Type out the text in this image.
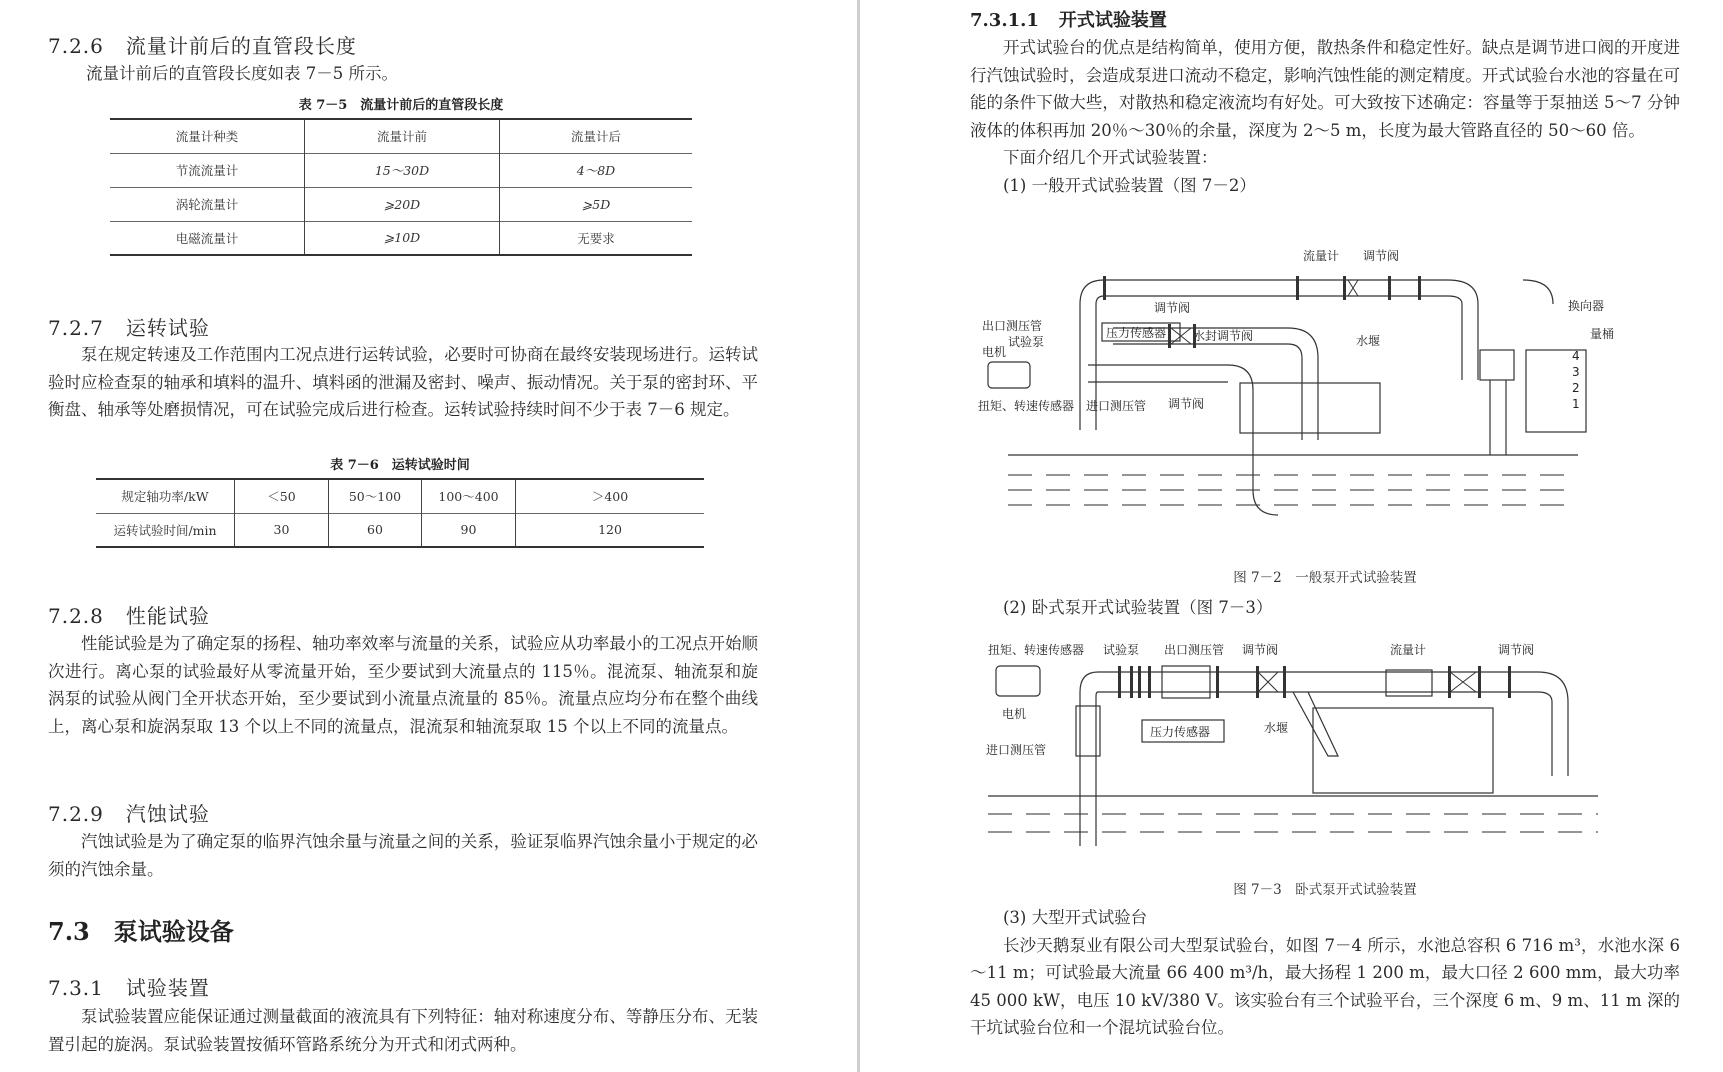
7.2.6 流量计前后的直管段长度

流量计前后的直管段长度如表 7－5 所示。

表 7－5　流量计前后的直管段长度
流量计种类	流量计前	流量计后
节流流量计	15～30D	4～8D
涡轮流量计	⩾20D	⩾5D
电磁流量计	⩾10D	无要求
7.2.7 运转试验

泵在规定转速及工作范围内工况点进行运转试验，必要时可协商在最终安装现场进行。运转试验时应检查泵的轴承和填料的温升、填料函的泄漏及密封、噪声、振动情况。关于泵的密封环、平衡盘、轴承等处磨损情况，可在试验完成后进行检查。运转试验持续时间不少于表 7－6 规定。

表 7－6　运转试验时间
规定轴功率/kW	＜50	50～100	100～400	＞400
运转试验时间/min	30	60	90	120
7.2.8 性能试验

性能试验是为了确定泵的扬程、轴功率效率与流量的关系，试验应从功率最小的工况点开始顺次进行。离心泵的试验最好从零流量开始，至少要试到大流量点的 115％。混流泵、轴流泵和旋涡泵的试验从阀门全开状态开始，至少要试到小流量点流量的 85％。流量点应均分布在整个曲线上，离心泵和旋涡泵取 13 个以上不同的流量点，混流泵和轴流泵取 15 个以上不同的流量点。

7.2.9 汽蚀试验

汽蚀试验是为了确定泵的临界汽蚀余量与流量之间的关系，验证泵临界汽蚀余量小于规定的必须的汽蚀余量。

7.3 泵试验设备
7.3.1 试验装置

泵试验装置应能保证通过测量截面的液流具有下列特征：轴对称速度分布、等静压分布、无装置引起的旋涡。泵试验装置按循环管路系统分为开式和闭式两种。

7.3.1.1 开式试验装置

开式试验台的优点是结构简单，使用方便，散热条件和稳定性好。缺点是调节进口阀的开度进行汽蚀试验时，会造成泵进口流动不稳定，影响汽蚀性能的测定精度。开式试验台水池的容量在可能的条件下做大些，对散热和稳定液流均有好处。可大致按下述确定：容量等于泵抽送 5～7 分钟液体的体积再加 20％～30％的余量，深度为 2～5 m，长度为最大管路直径的 50～60 倍。

下面介绍几个开式试验装置：

(1) 一般开式试验装置（图 7－2）

流量计 调节阀
调节阀	换向器
出口测压管	压力传感器 水封调节阀	水堰	量桶
电机
试验泵
扭矩、转速传感器 进口测压管 调节阀
4
3
2
1
图 7－2　一般泵开式试验装置

(2) 卧式泵开式试验装置（图 7－3）

扭矩、转速传感器 试验泵 出口测压管 调节阀	流量计	调节阀
电机
压力传感器	水堰
进口测压管
图 7－3　卧式泵开式试验装置

(3) 大型开式试验台

长沙天鹅泵业有限公司大型泵试验台，如图 7－4 所示，水池总容积 6 716 m³，水池水深 6～11 m；可试验最大流量 66 400 m³/h，最大扬程 1 200 m，最大口径 2 600 mm，最大功率 45 000 kW，电压 10 kV/380 V。该实验台有三个试验平台，三个深度 6 m、9 m、11 m 深的干坑试验台位和一个混坑试验台位。
